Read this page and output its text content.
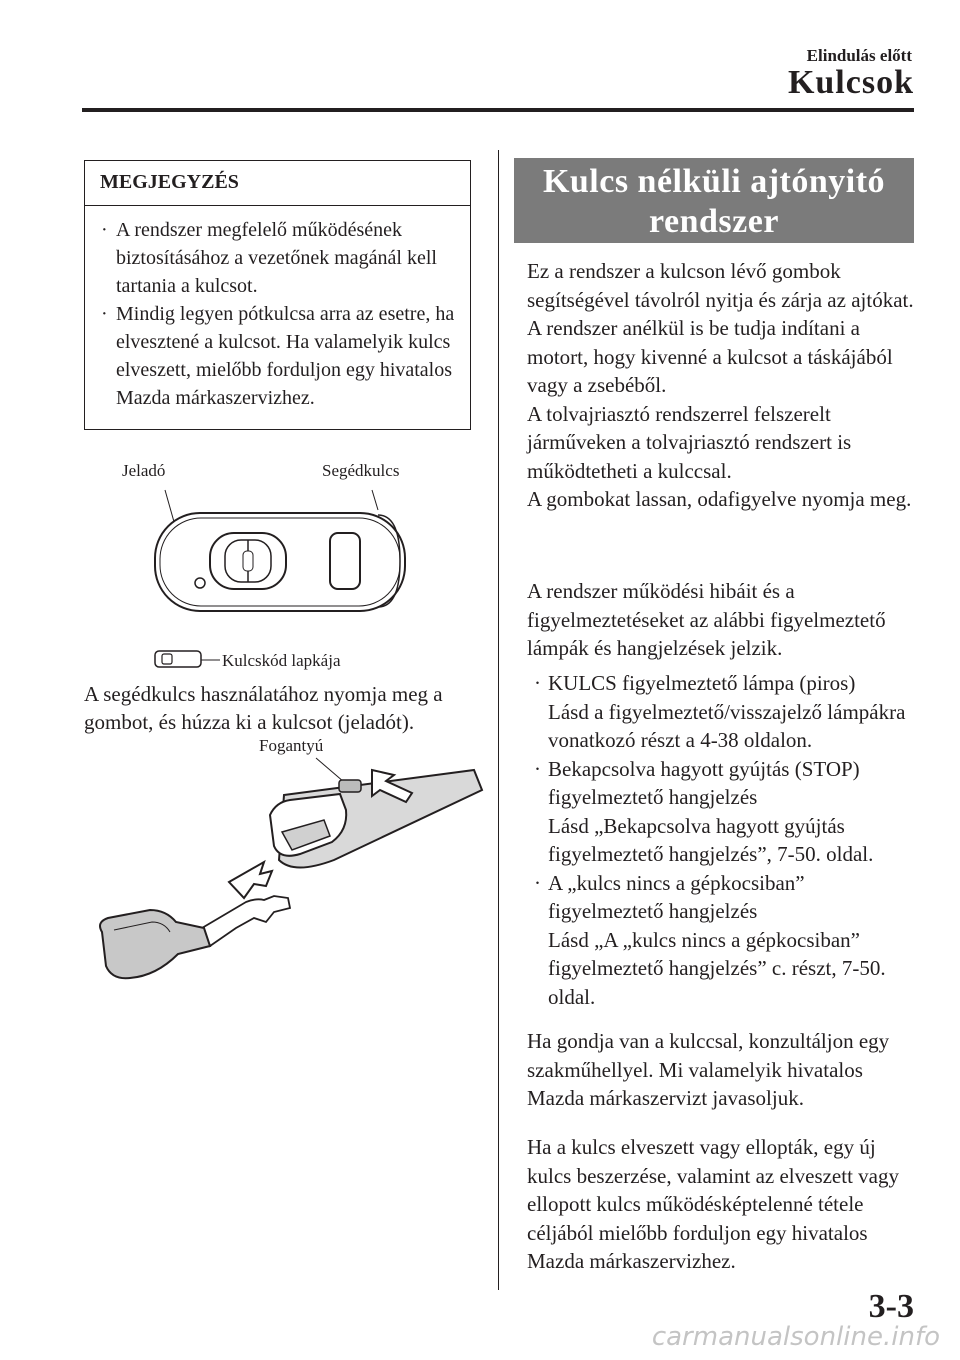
Elindulás előtt
Kulcsok
MEGJEGYZÉS
· A rendszer megfelelő működésének biztosításához a vezetőnek magánál kell tartania a kulcsot.
· Mindig legyen pótkulcsa arra az esetre, ha elvesztené a kulcsot. Ha valamelyik kulcs elveszett, mielőbb forduljon egy hivatalos Mazda márkaszervizhez.
Jeladó	Segédkulcs
Kulcskód lapkája
A segédkulcs használatához nyomja meg a gombot, és húzza ki a kulcsot (jeladót).
Fogantyú
Kulcs nélküli ajtónyitó
rendszer

Ez a rendszer a kulcson lévő gombok segítségével távolról nyitja és zárja az ajtókat.

A rendszer anélkül is be tudja indítani a motort, hogy kivenné a kulcsot a táskájából vagy a zsebéből.

A tolvajriasztó rendszerrel felszerelt járműveken a tolvajriasztó rendszert is működtetheti a kulccsal.

A gombokat lassan, odafigyelve nyomja meg.

A rendszer működési hibáit és a figyelmeztetéseket az alábbi figyelmeztető lámpák és hangjelzések jelzik.

· KULCS figyelmeztető lámpa (piros)
Lásd a figyelmeztető/visszajelző lámpákra vonatkozó részt a 4-38 oldalon.
· Bekapcsolva hagyott gyújtás (STOP) figyelmeztető hangjelzés
Lásd „Bekapcsolva hagyott gyújtás figyelmeztető hangjelzés”, 7-50. oldal.
· A „kulcs nincs a gépkocsiban” figyelmeztető hangjelzés
Lásd „A „kulcs nincs a gépkocsiban” figyelmeztető hangjelzés” c. részt, 7-50. oldal.

Ha gondja van a kulccsal, konzultáljon egy szakműhellyel. Mi valamelyik hivatalos Mazda márkaszervizt javasoljuk.

Ha a kulcs elveszett vagy ellopták, egy új kulcs beszerzése, valamint az elveszett vagy ellopott kulcs működésképtelenné tétele céljából mielőbb forduljon egy hivatalos Mazda márkaszervizhez.

3-3
carmanualsonline.info
